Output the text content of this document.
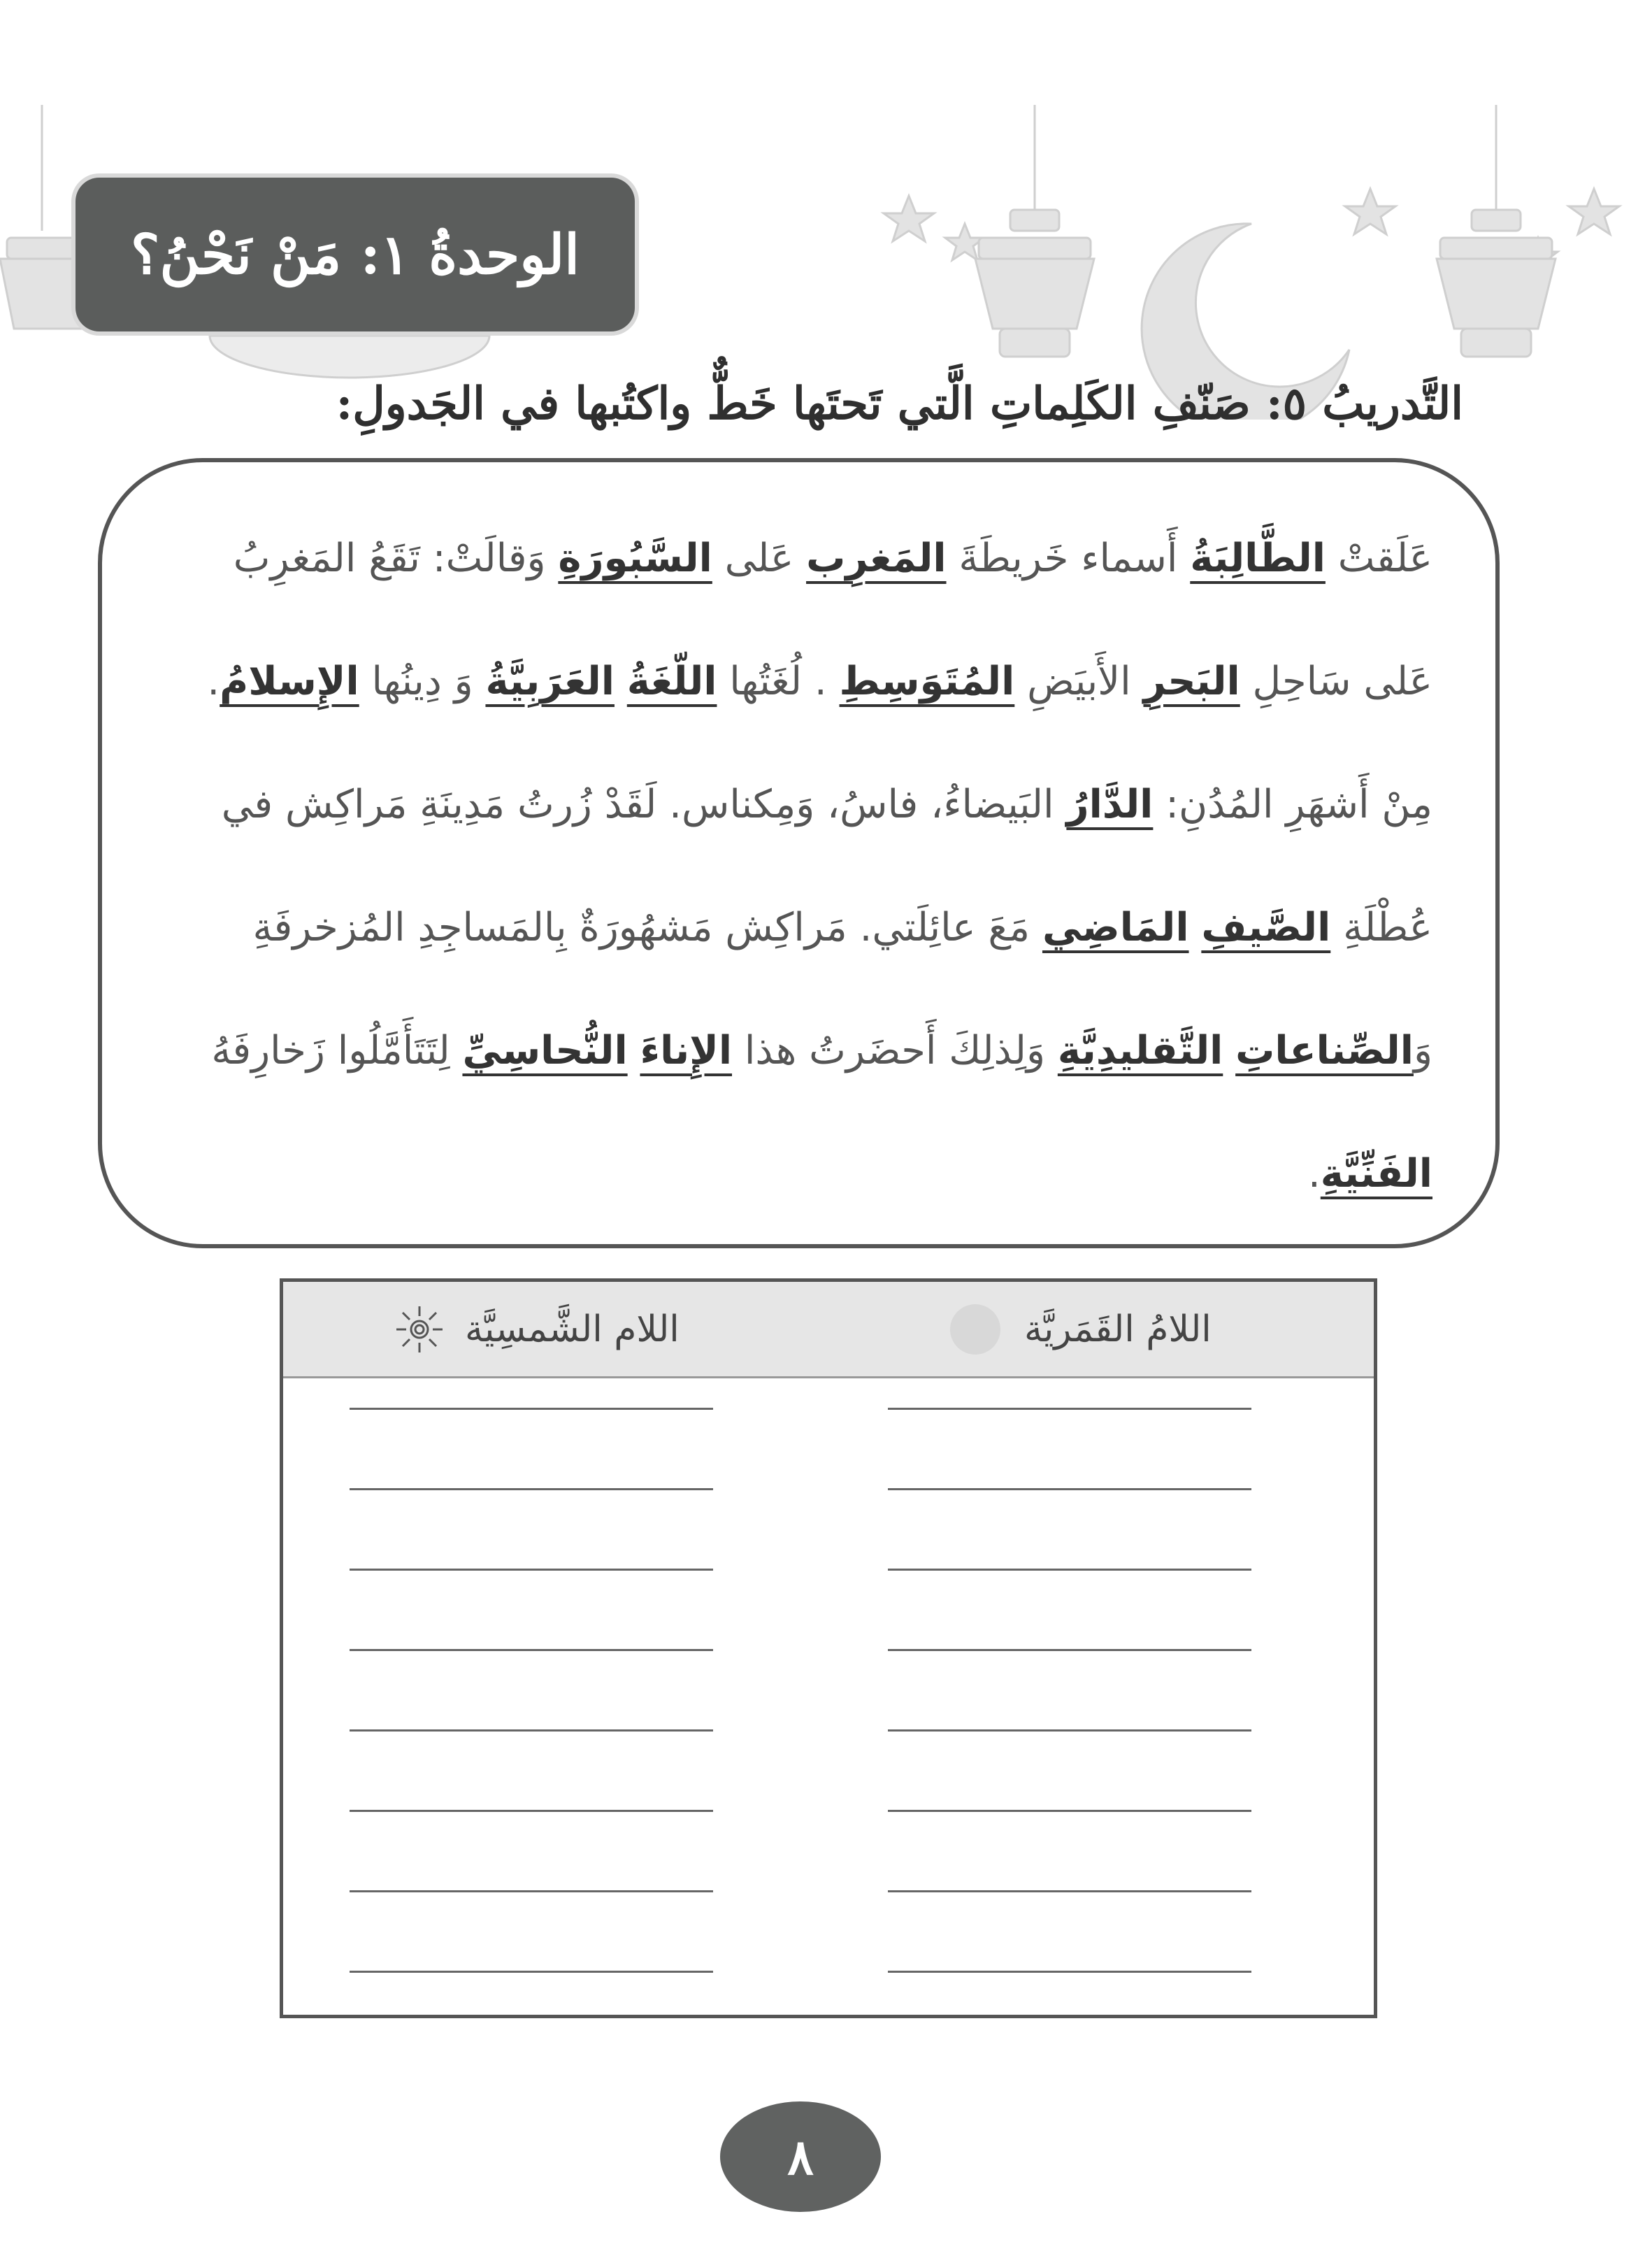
الوحدةُ ١: مَنْ نَحْنُ؟
التَّدريبُ ٥: صَنّفِ الكَلِماتِ الَّتي تَحتَها خَطٌّ واكتُبها في الجَدولِ:
عَلَقتْ الطَّالِبَةُ أَسماء خَريطَةَ المَغرِب عَلى السَّبُورَةِ وَقالَتْ: تَقَعُ المَغرِبُ
عَلى سَاحِلِ البَحرِ الأَبيَضِ المُتَوَسِطِ . لُغَتُها اللّغَةُ العَرَبِيَّةُ وَ دِينُها الإِسلامُ.
مِنْ أَشهَرِ المُدُنِ: الدَّارُ البَيضاءُ، فاسُ، وَمِكناس. لَقَدْ زُرتُ مَدِينَةِ مَراكِش في
عُطْلَةِ الصَّيفِ المَاضِي مَعَ عائِلَتي. مَراكِش مَشهُورَةٌ بِالمَساجِدِ المُزخرفَةِ
وَالصِّناعاتِ التَّقليدِيَّةِ وَلِذلِكَ أَحضَرتُ هذا الإِناءَ النُّحاسِيِّ لِتَتَأَمَّلُوا زَخارِفَهُ
الفَنِّيَّةِ.
اللام الشَّمسِيَّة	اللامُ القَمَريَّة
٨
